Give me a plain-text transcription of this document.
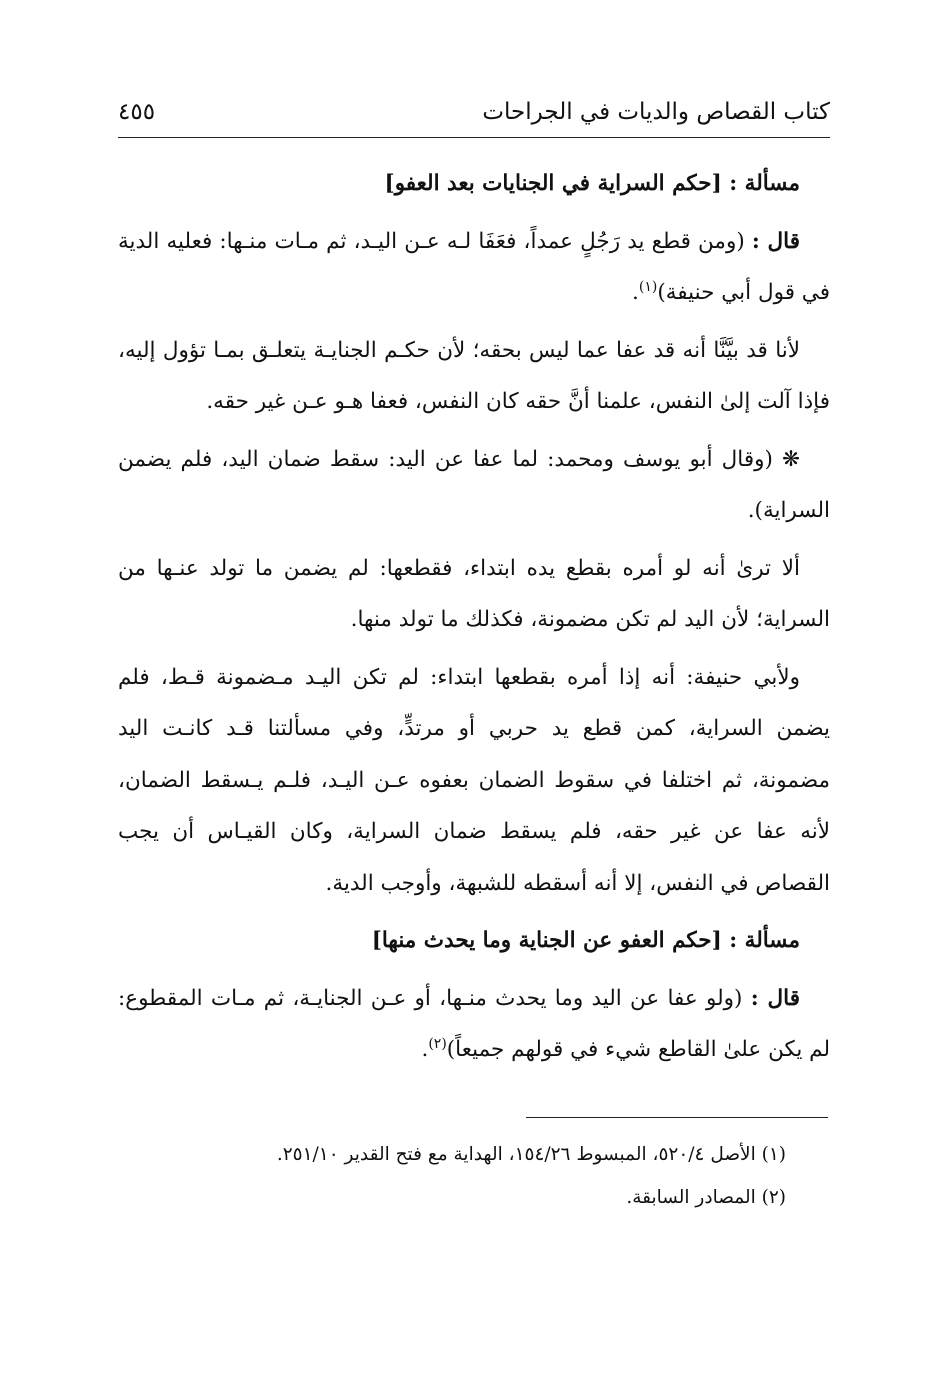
كتاب القصاص والديات في الجراحات
٤٥٥

مسألة : [حكم السراية في الجنايات بعد العفو]

قال : (ومن قطع يد رَجُلٍ عمداً، فعَفَا لـه عـن اليـد، ثم مـات منـها: فعليه الدية في قول أبي حنيفة)$^{(١)}$.

لأنا قد بيَّنَّا أنه قد عفا عما ليس بحقه؛ لأن حكـم الجنايـة يتعلـق بمـا تؤول إليه، فإذا آلت إلىٰ النفس، علمنا أنَّ حقه كان النفس، فعفا هـو عـن غير حقه.

❋ (وقال أبو يوسف ومحمد: لما عفا عن اليد: سقط ضمان اليد، فلم يضمن السراية).

ألا ترىٰ أنه لو أمره بقطع يده ابتداء، فقطعها: لم يضمن ما تولد عنـها من السراية؛ لأن اليد لم تكن مضمونة، فكذلك ما تولد منها.

ولأبي حنيفة: أنه إذا أمره بقطعها ابتداء: لم تكن اليـد مـضمونة قـط، فلم يضمن السراية، كمن قطع يد حربي أو مرتدٍّ، وفي مسألتنا قـد كانـت اليد مضمونة، ثم اختلفا في سقوط الضمان بعفوه عـن اليـد، فلـم يـسقط الضمان، لأنه عفا عن غير حقه، فلم يسقط ضمان السراية، وكان القيـاس أن يجب القصاص في النفس، إلا أنه أسقطه للشبهة، وأوجب الدية.

مسألة : [حكم العفو عن الجناية وما يحدث منها]

قال : (ولو عفا عن اليد وما يحدث منـها، أو عـن الجنايـة، ثم مـات المقطوع: لم يكن علىٰ القاطع شيء في قولهم جميعاً)$^{(٢)}$.

(١) الأصل ٥٢٠/٤، المبسوط ١٥٤/٢٦، الهداية مع فتح القدير ٢٥١/١٠.
(٢) المصادر السابقة.
